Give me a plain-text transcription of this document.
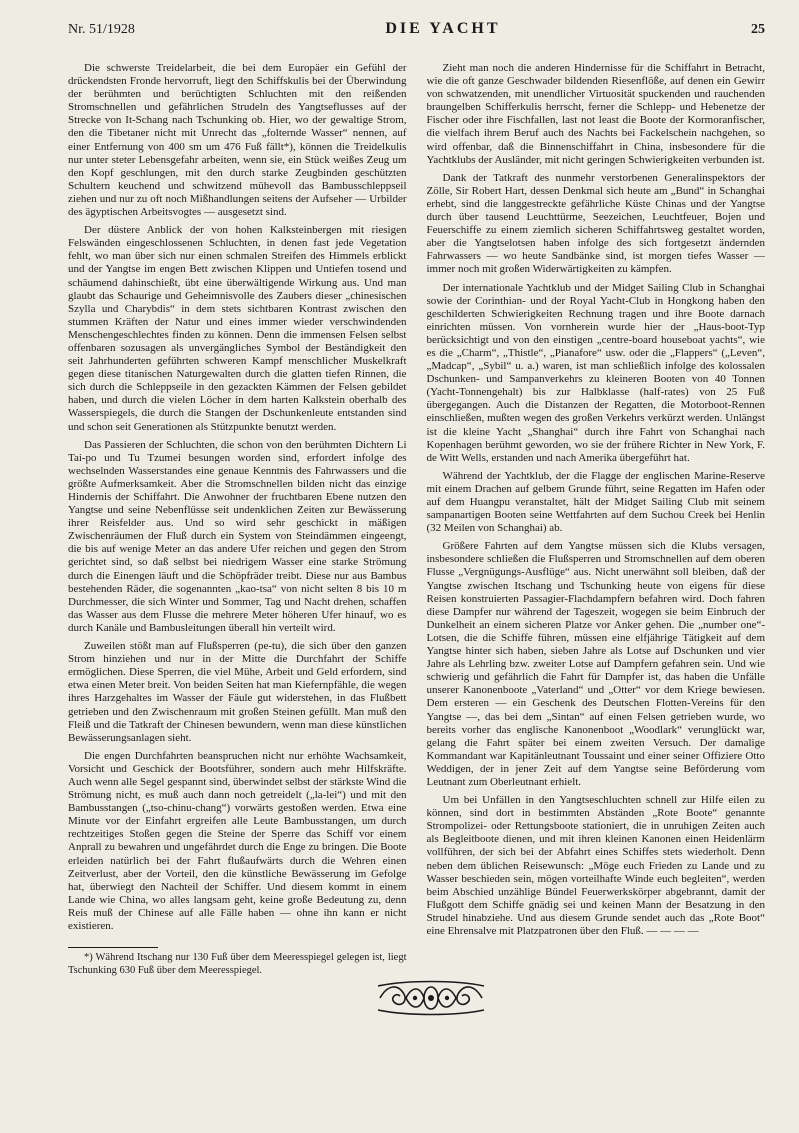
Nr. 51/1928	DIE YACHT	25

Die schwerste Treidelarbeit, die bei dem Europäer ein Gefühl der drückendsten Fronde hervorruft, liegt den Schiffskulis bei der Überwindung der berühmten und berüchtigten Schluchten mit den reißenden Stromschnellen und gefährlichen Strudeln des Yangtseflusses auf der Strecke von It-Schang nach Tschunking ob. Hier, wo der gewaltige Strom, den die Tibetaner nicht mit Unrecht das „folternde Wasser“ nennen, auf einer Entfernung von 400 sm um 476 Fuß fällt*), können die Treidelkulis nur unter steter Lebensgefahr arbeiten, wenn sie, ein Stück weißes Zeug um den Kopf geschlungen, mit den durch starke Zeugbinden geschützten Schultern keuchend und schwitzend mühevoll das Bambusschleppseil ziehen und nur zu oft noch Mißhandlungen seitens der Aufseher — Urbilder des ägyptischen Arbeitsvogtes — ausgesetzt sind.

Der düstere Anblick der von hohen Kalksteinbergen mit riesigen Felswänden eingeschlossenen Schluchten, in denen fast jede Vegetation fehlt, wo man über sich nur einen schmalen Streifen des Himmels erblickt und der Yangtse im engen Bett zwischen Klippen und Untiefen tosend und schäumend dahinschießt, übt eine überwältigende Wirkung aus. Und man glaubt das Schaurige und Geheimnisvolle des Zaubers dieser „chinesischen Szylla und Charybdis“ in dem stets sichtbaren Kontrast zwischen den stummen Kräften der Natur und eines immer wieder verschwindenden Menschengeschlechtes finden zu können. Denn die immensen Felsen selbst offenbaren sozusagen als unvergängliches Symbol der Beständigkeit den seit Jahrhunderten geführten schweren Kampf menschlicher Muskelkraft gegen diese titanischen Naturgewalten durch die glatten tiefen Rinnen, die sich durch die Schleppseile in den gezackten Kämmen der Felsen gebildet haben, und durch die vielen Löcher in dem harten Kalkstein oberhalb des Wasserspiegels, die durch die Stangen der Dschunkenleute entstanden sind und schon seit Generationen als Stützpunkte benutzt werden.

Das Passieren der Schluchten, die schon von den berühmten Dichtern Li Tai-po und Tu Tzumei besungen worden sind, erfordert infolge des wechselnden Wasserstandes eine genaue Kenntnis des Fahrwassers und die größte Aufmerksamkeit. Aber die Stromschnellen bilden nicht das einzige Hindernis der Schiffahrt. Die Anwohner der fruchtbaren Ebene nutzen den Yangtse und seine Nebenflüsse seit undenklichen Zeiten zur Bewässerung ihrer Reisfelder aus. Und so wird sehr geschickt in mäßigen Zwischenräumen der Fluß durch ein System von Steindämmen eingeengt, die bis auf wenige Meter an das andere Ufer reichen und gegen den Strom gerichtet sind, so daß selbst bei niedrigem Wasser eine starke Strömung durch die Einengen läuft und die Schöpfräder treibt. Diese nur aus Bambus bestehenden Räder, die sogenannten „kao-tsa“ von nicht selten 8 bis 10 m Durchmesser, die sich Winter und Sommer, Tag und Nacht drehen, schaffen das Wasser aus dem Flusse die mehrere Meter höheren Ufer hinauf, wo es durch Kanäle und Bambusleitungen überall hin verteilt wird.

Zuweilen stößt man auf Flußsperren (pe-tu), die sich über den ganzen Strom hinziehen und nur in der Mitte die Durchfahrt der Schiffe ermöglichen. Diese Sperren, die viel Mühe, Arbeit und Geld erfordern, sind etwa einen Meter breit. Von beiden Seiten hat man Kiefernpfähle, die wegen ihres Harzgehaltes im Wasser der Fäule gut widerstehen, in das Flußbett getrieben und den Zwischenraum mit großen Steinen gefüllt. Man muß den Fleiß und die Tatkraft der Chinesen bewundern, wenn man diese künstlichen Bewässerungsanlagen sieht.

Die engen Durchfahrten beanspruchen nicht nur erhöhte Wachsamkeit, Vorsicht und Geschick der Bootsführer, sondern auch mehr Hilfskräfte. Auch wenn alle Segel gespannt sind, überwindet selbst der stärkste Wind die Strömung nicht, es muß auch dann noch getreidelt („la-lei“) und mit den Bambusstangen („tso-chinu-chang“) vorwärts gestoßen werden. Etwa eine Minute vor der Einfahrt ergreifen alle Leute Bambusstangen, um durch rechtzeitiges Stoßen gegen die Steine der Sperre das Schiff vor einem Anprall zu bewahren und ungefährdet durch die Enge zu bringen. Die Boote erleiden natürlich bei der Fahrt flußaufwärts durch die Wehren einen Zeitverlust, aber der Vorteil, den die künstliche Bewässerung im Gefolge hat, überwiegt den Nachteil der Schiffer. Und diesem kommt in einem Lande wie China, wo alles langsam geht, keine große Bedeutung zu, denn Reis muß der Chinese auf alle Fälle haben — ohne ihn kann er nicht existieren.

*) Während Itschang nur 130 Fuß über dem Meeresspiegel gelegen ist, liegt Tschunking 630 Fuß über dem Meeresspiegel.

Zieht man noch die anderen Hindernisse für die Schiffahrt in Betracht, wie die oft ganze Geschwader bildenden Riesenflöße, auf denen ein Gewirr von schwatzenden, mit unendlicher Virtuosität spuckenden und rauchenden braungelben Schifferkulis herrscht, ferner die Schlepp- und Hebenetze der Fischer oder ihre Fischfallen, last not least die Boote der Kormoranfischer, die vielfach ihrem Beruf auch des Nachts bei Fackelschein nachgehen, so wird offenbar, daß die Binnenschiffahrt in China, insbesondere für die Yachtklubs der Ausländer, mit nicht geringen Schwierigkeiten verbunden ist.

Dank der Tatkraft des nunmehr verstorbenen Generalinspektors der Zölle, Sir Robert Hart, dessen Denkmal sich heute am „Bund“ in Schanghai erhebt, sind die langgestreckte gefährliche Küste Chinas und der Yangtse durch über tausend Leuchttürme, Seezeichen, Leuchtfeuer, Bojen und Feuerschiffe zu einem ziemlich sicheren Schiffahrtsweg gestaltet worden, aber die Yangtselotsen haben infolge des sich fortgesetzt ändernden Fahrwassers — wo heute Sandbänke sind, ist morgen tiefes Wasser — immer noch mit großen Widerwärtigkeiten zu kämpfen.

Der internationale Yachtklub und der Midget Sailing Club in Schanghai sowie der Corinthian- und der Royal Yacht-Club in Hongkong haben den geschilderten Schwierigkeiten Rechnung tragen und ihre Boote darnach einrichten müssen. Von vornherein wurde hier der „Haus-boot-Typ berücksichtigt und von den einstigen „centre-board houseboat yachts“, wie es die „Charm“, „Thistle“, „Pianafore“ usw. oder die „Flappers“ („Leven“, „Madcap“, „Sybil“ u. a.) waren, ist man schließlich infolge des kolossalen Dschunken- und Sampanverkehrs zu kleineren Booten von 40 Tonnen (Yacht-Tonnengehalt) bis zur Halbklasse (half-rates) von 25 Fuß übergegangen. Auch die Distanzen der Regatten, die Motorboot-Rennen einschließen, mußten wegen des großen Verkehrs verkürzt werden. Unlängst ist die kleine Yacht „Shanghai“ durch ihre Fahrt von Schanghai nach Kopenhagen berühmt geworden, wo sie der frühere Richter in New York, F. de Witt Wells, erstanden und nach Amerika übergeführt hat.

Während der Yachtklub, der die Flagge der englischen Marine-Reserve mit einem Drachen auf gelbem Grunde führt, seine Regatten im Hafen oder auf dem Huangpu veranstaltet, hält der Midget Sailing Club mit seinem sampanartigen Booten seine Wettfahrten auf dem Suchou Creek bei Henlin (32 Meilen von Schanghai) ab.

Größere Fahrten auf dem Yangtse müssen sich die Klubs versagen, insbesondere schließen die Flußsperren und Stromschnellen auf dem oberen Flusse „Vergnügungs-Ausflüge“ aus. Nicht unerwähnt soll bleiben, daß der Yangtse zwischen Itschang und Tschunking heute von eigens für diese Reisen konstruierten Passagier-Flachdampfern befahren wird. Doch fahren diese Dampfer nur während der Tageszeit, wogegen sie beim Einbruch der Dunkelheit an einem sicheren Platze vor Anker gehen. Die „number one“-Lotsen, die die Schiffe führen, müssen eine elfjährige Tätigkeit auf dem Yangtse hinter sich haben, sieben Jahre als Lotse auf Dschunken und vier Jahre als Lehrling bzw. zweiter Lotse auf Dampfern gefahren sein. Und wie schwierig und gefährlich die Fahrt für Dampfer ist, das haben die Unfälle unserer Kanonenboote „Vaterland“ und „Otter“ vor dem Kriege bewiesen. Dem ersteren — ein Geschenk des Deutschen Flotten-Vereins für den Yangtse —, das bei dem „Sintan“ auf einen Felsen getrieben wurde, wo bereits vorher das englische Kanonenboot „Woodlark“ verunglückt war, gelang die Fahrt später bei einem zweiten Versuch. Der damalige Kommandant war Kapitänleutnant Toussaint und einer seiner Offiziere Otto Weddigen, der in jener Zeit auf dem Yangtse seine Beförderung vom Leutnant zum Oberleutnant erhielt.

Um bei Unfällen in den Yangtseschluchten schnell zur Hilfe eilen zu können, sind dort in bestimmten Abständen „Rote Boote“ genannte Strompolizei- oder Rettungsboote stationiert, die in unruhigen Zeiten auch als Begleitboote dienen, und mit ihren kleinen Kanonen einen Heidenlärm vollführen, der sich bei der Abfahrt eines Schiffes stets wiederholt. Denn neben dem üblichen Reisewunsch: „Möge euch Frieden zu Lande und zu Wasser beschieden sein, mögen vorteilhafte Winde euch begleiten“, werden beim Abschied unzählige Bündel Feuerwerkskörper abgebrannt, damit der Flußgott dem Schiffe gnädig sei und keinen Mann der Besatzung in den Strudel hinabziehe. Und aus diesem Grunde sendet auch das „Rote Boot“ eine Ehrensalve mit Platzpatronen über den Fluß. — — — —
